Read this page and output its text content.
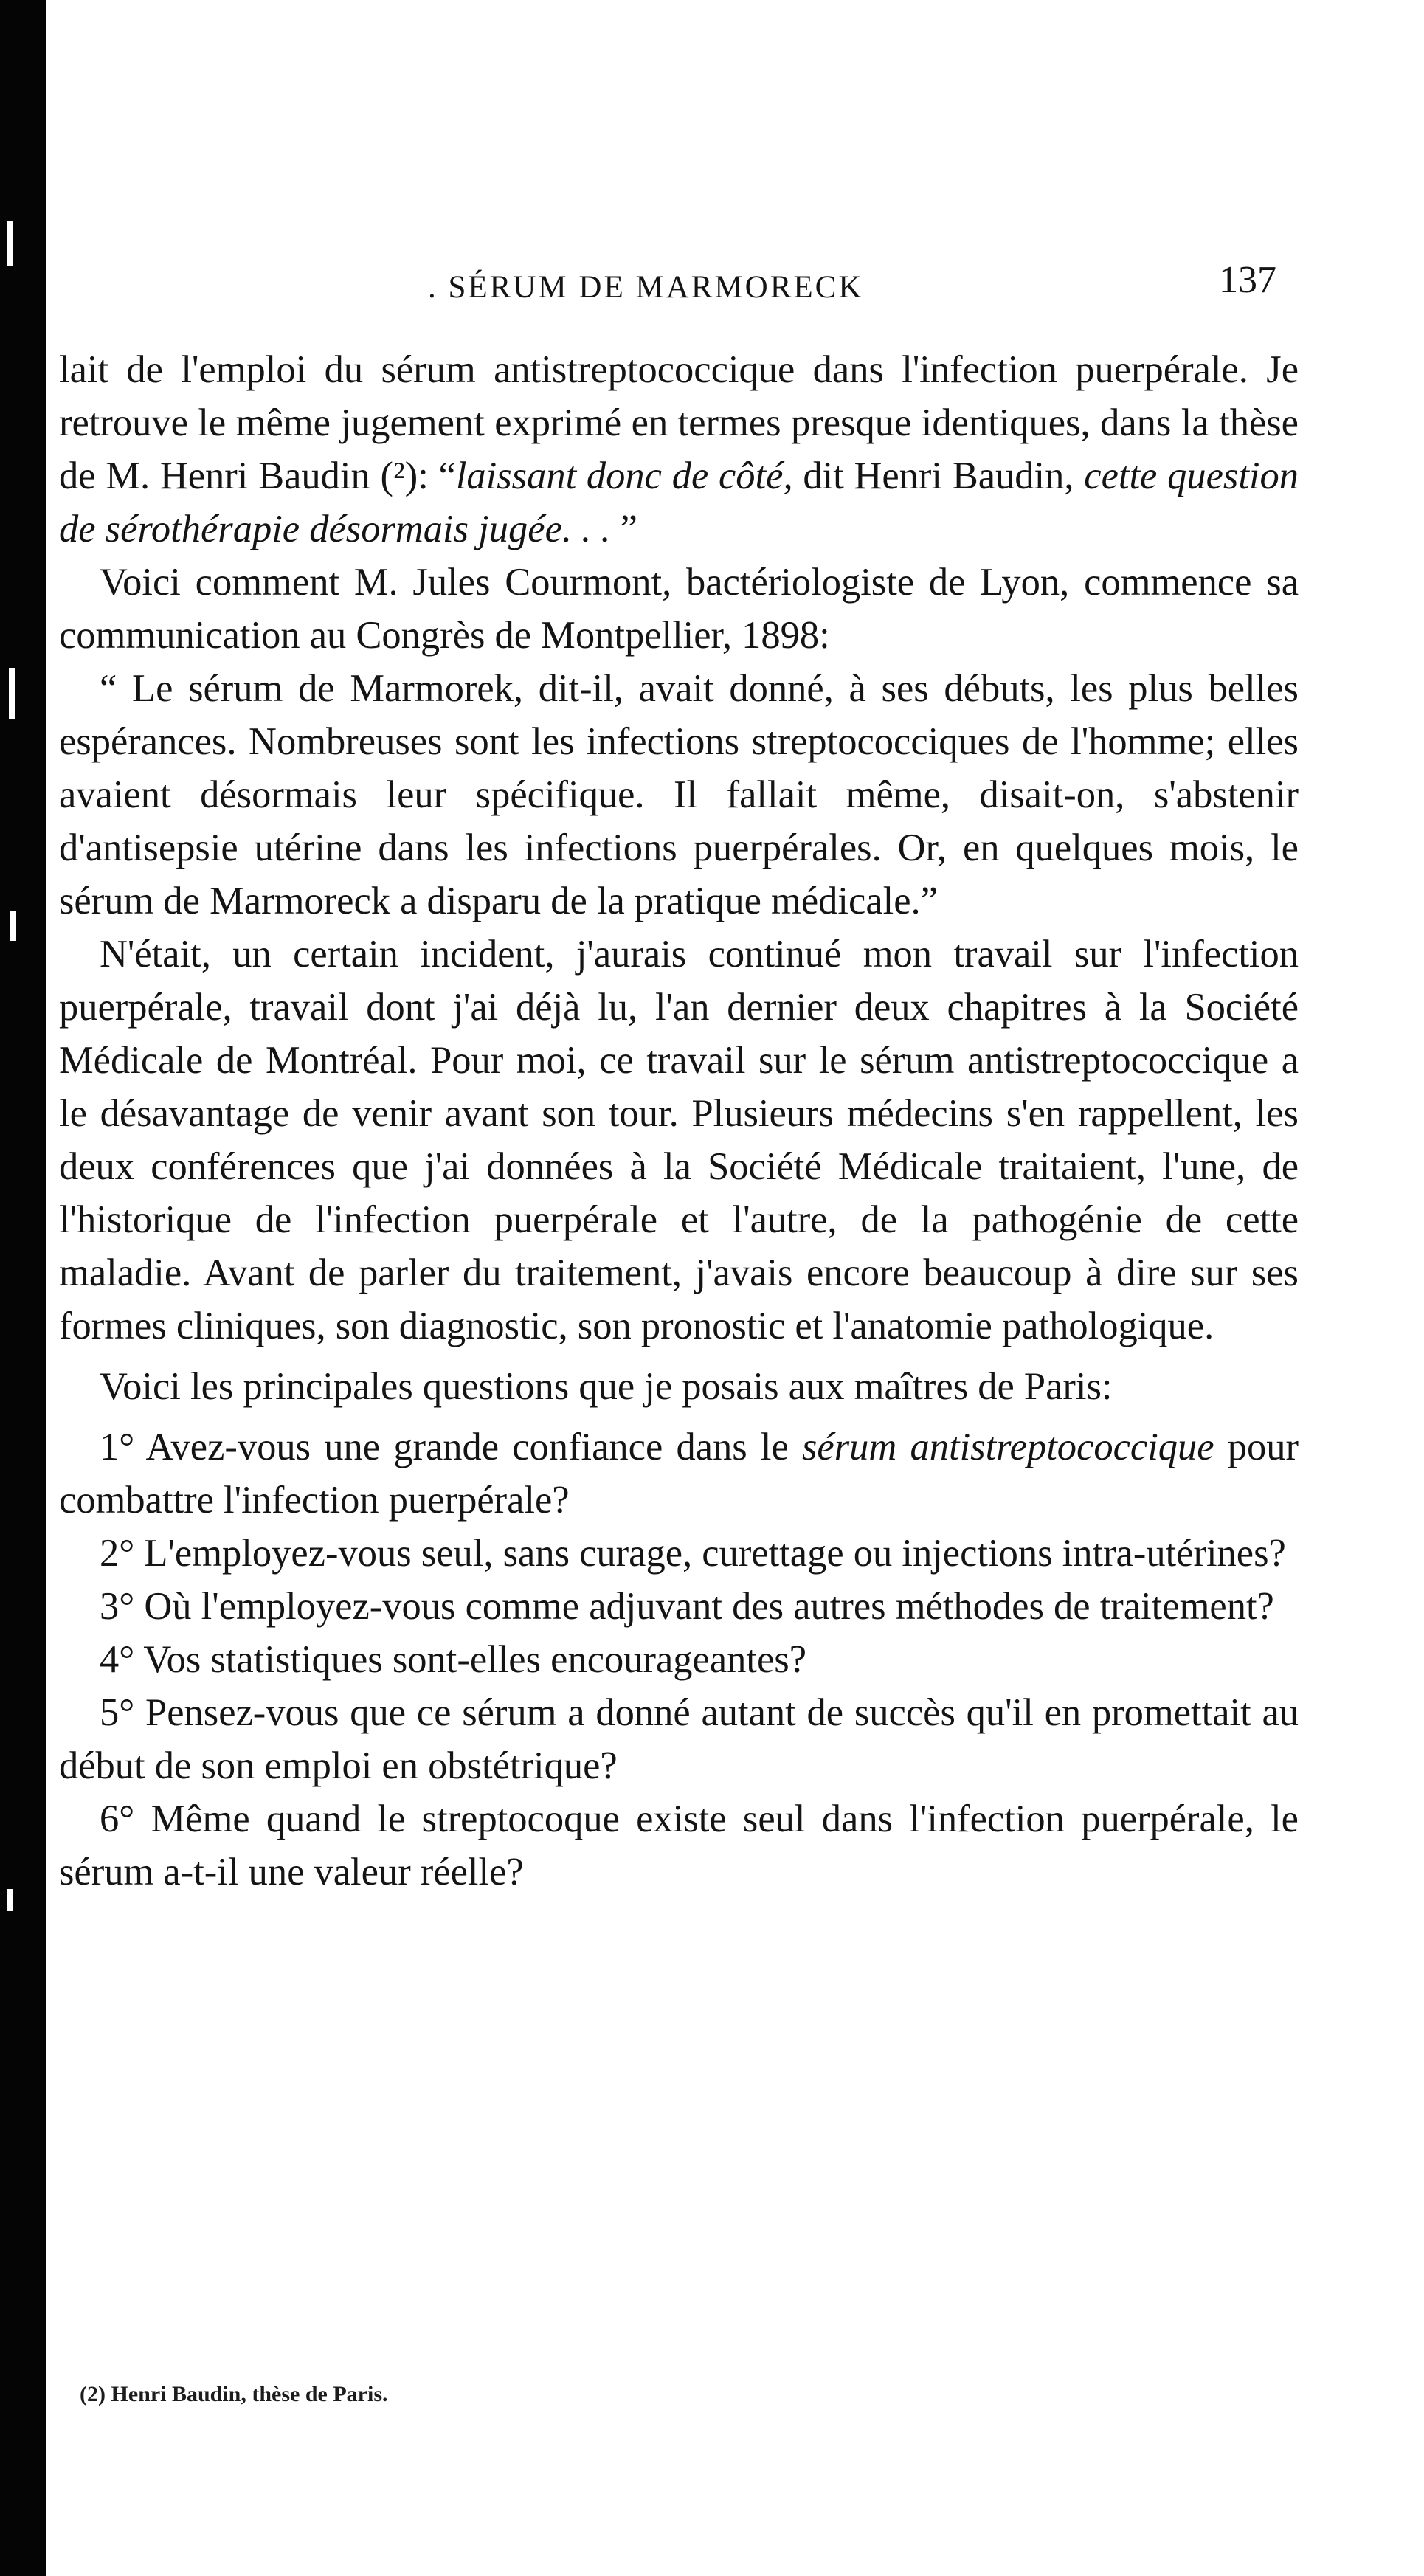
. SÉRUM DE MARMORECK	137

lait de l'emploi du sérum antistreptococcique dans l'infection puerpérale. Je retrouve le même jugement exprimé en termes presque identiques, dans la thèse de M. Henri Baudin (²): “laissant donc de côté, dit Henri Baudin, cette question de sérothérapie désormais jugée. . . ”

Voici comment M. Jules Courmont, bactériologiste de Lyon, commence sa communication au Congrès de Montpellier, 1898:

“ Le sérum de Marmorek, dit-il, avait donné, à ses débuts, les plus belles espérances. Nombreuses sont les infections streptococciques de l'homme; elles avaient désormais leur spécifique. Il fallait même, disait-on, s'abstenir d'antisepsie utérine dans les infections puerpérales. Or, en quelques mois, le sérum de Marmoreck a disparu de la pratique médicale.”

N'était, un certain incident, j'aurais continué mon travail sur l'infection puerpérale, travail dont j'ai déjà lu, l'an dernier deux chapitres à la Société Médicale de Montréal. Pour moi, ce travail sur le sérum antistreptococcique a le désavantage de venir avant son tour. Plusieurs médecins s'en rappellent, les deux conférences que j'ai données à la Société Médicale traitaient, l'une, de l'historique de l'infection puerpérale et l'autre, de la pathogénie de cette maladie. Avant de parler du traitement, j'avais encore beaucoup à dire sur ses formes cliniques, son diagnostic, son pronostic et l'anatomie pathologique.

Voici les principales questions que je posais aux maîtres de Paris:

1° Avez-vous une grande confiance dans le sérum antistreptococcique pour combattre l'infection puerpérale?

2° L'employez-vous seul, sans curage, curettage ou injections intra-utérines?

3° Où l'employez-vous comme adjuvant des autres méthodes de traitement?

4° Vos statistiques sont-elles encourageantes?

5° Pensez-vous que ce sérum a donné autant de succès qu'il en promettait au début de son emploi en obstétrique?

6° Même quand le streptocoque existe seul dans l'infection puerpérale, le sérum a-t-il une valeur réelle?

(2) Henri Baudin, thèse de Paris.
